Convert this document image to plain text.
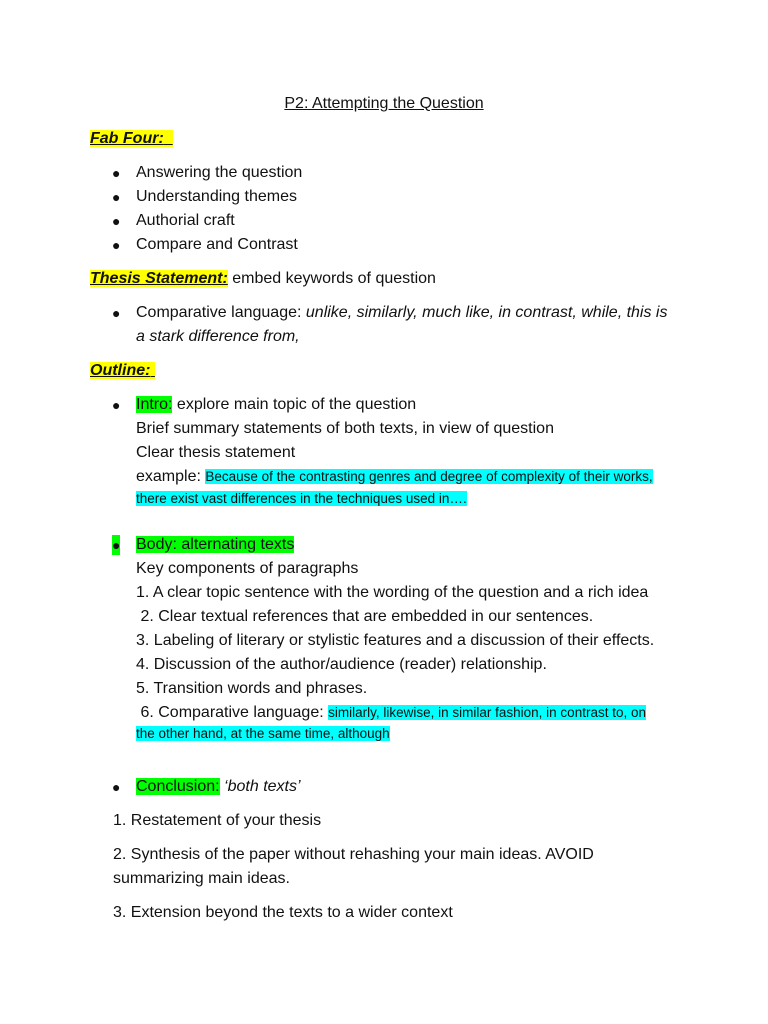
P2: Attempting the Question
Fab Four:
● Answering the question
● Understanding themes
● Authorial craft
● Compare and Contrast
Thesis Statement: embed keywords of question
● Comparative language: unlike, similarly, much like, in contrast, while, this is
a stark difference from,
Outline:
● Intro: explore main topic of the question
Brief summary statements of both texts, in view of question
Clear thesis statement
example: Because of the contrasting genres and degree of complexity of their works,
there exist vast differences in the techniques used in….
● Body: alternating texts
Key components of paragraphs
1. A clear topic sentence with the wording of the question and a rich idea
2. Clear textual references that are embedded in our sentences.
3. Labeling of literary or stylistic features and a discussion of their effects.
4. Discussion of the author/audience (reader) relationship.
5. Transition words and phrases.
6. Comparative language: similarly, likewise, in similar fashion, in contrast to, on
the other hand, at the same time, although
● Conclusion: ‘both texts’
1. Restatement of your thesis
2. Synthesis of the paper without rehashing your main ideas. AVOID
summarizing main ideas.
3. Extension beyond the texts to a wider context
